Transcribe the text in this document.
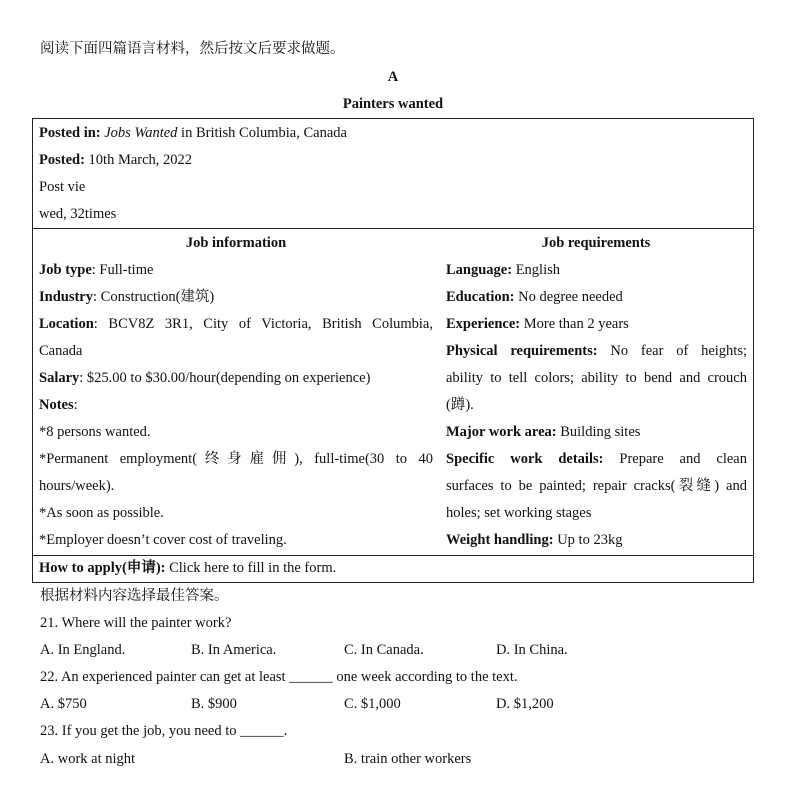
阅读下面四篇语言材料，然后按文后要求做题。
A
Painters wanted
Posted in: Jobs Wanted in British Columbia, Canada
Posted: 10th March, 2022
Post vie
wed, 32times
Job information	Job requirements
Job type: Full-time
Industry: Construction(建筑)
Location: BCV8Z 3R1, City of Victoria, British Columbia,
Canada
Salary: $25.00 to $30.00/hour(depending on experience)
Notes:
*8 persons wanted.
*Permanent employment(终身雇佣), full-time(30 to 40
hours/week).
*As soon as possible.
*Employer doesn’t cover cost of traveling.
Language: English
Education: No degree needed
Experience: More than 2 years
Physical requirements: No fear of heights;
ability to tell colors; ability to bend and crouch
(蹲).
Major work area: Building sites
Specific work details: Prepare and clean
surfaces to be painted; repair cracks(裂缝) and
holes; set working stages
Weight handling: Up to 23kg
How to apply(申请): Click here to fill in the form.
根据材料内容选择最佳答案。
21. Where will the painter work?
A. In England.	B. In America.	C. In Canada.	D. In China.
22. An experienced painter can get at least ______ one week according to the text.
A. $750	B. $900	C. $1,000	D. $1,200
23. If you get the job, you need to ______.
A. work at night	B. train other workers
